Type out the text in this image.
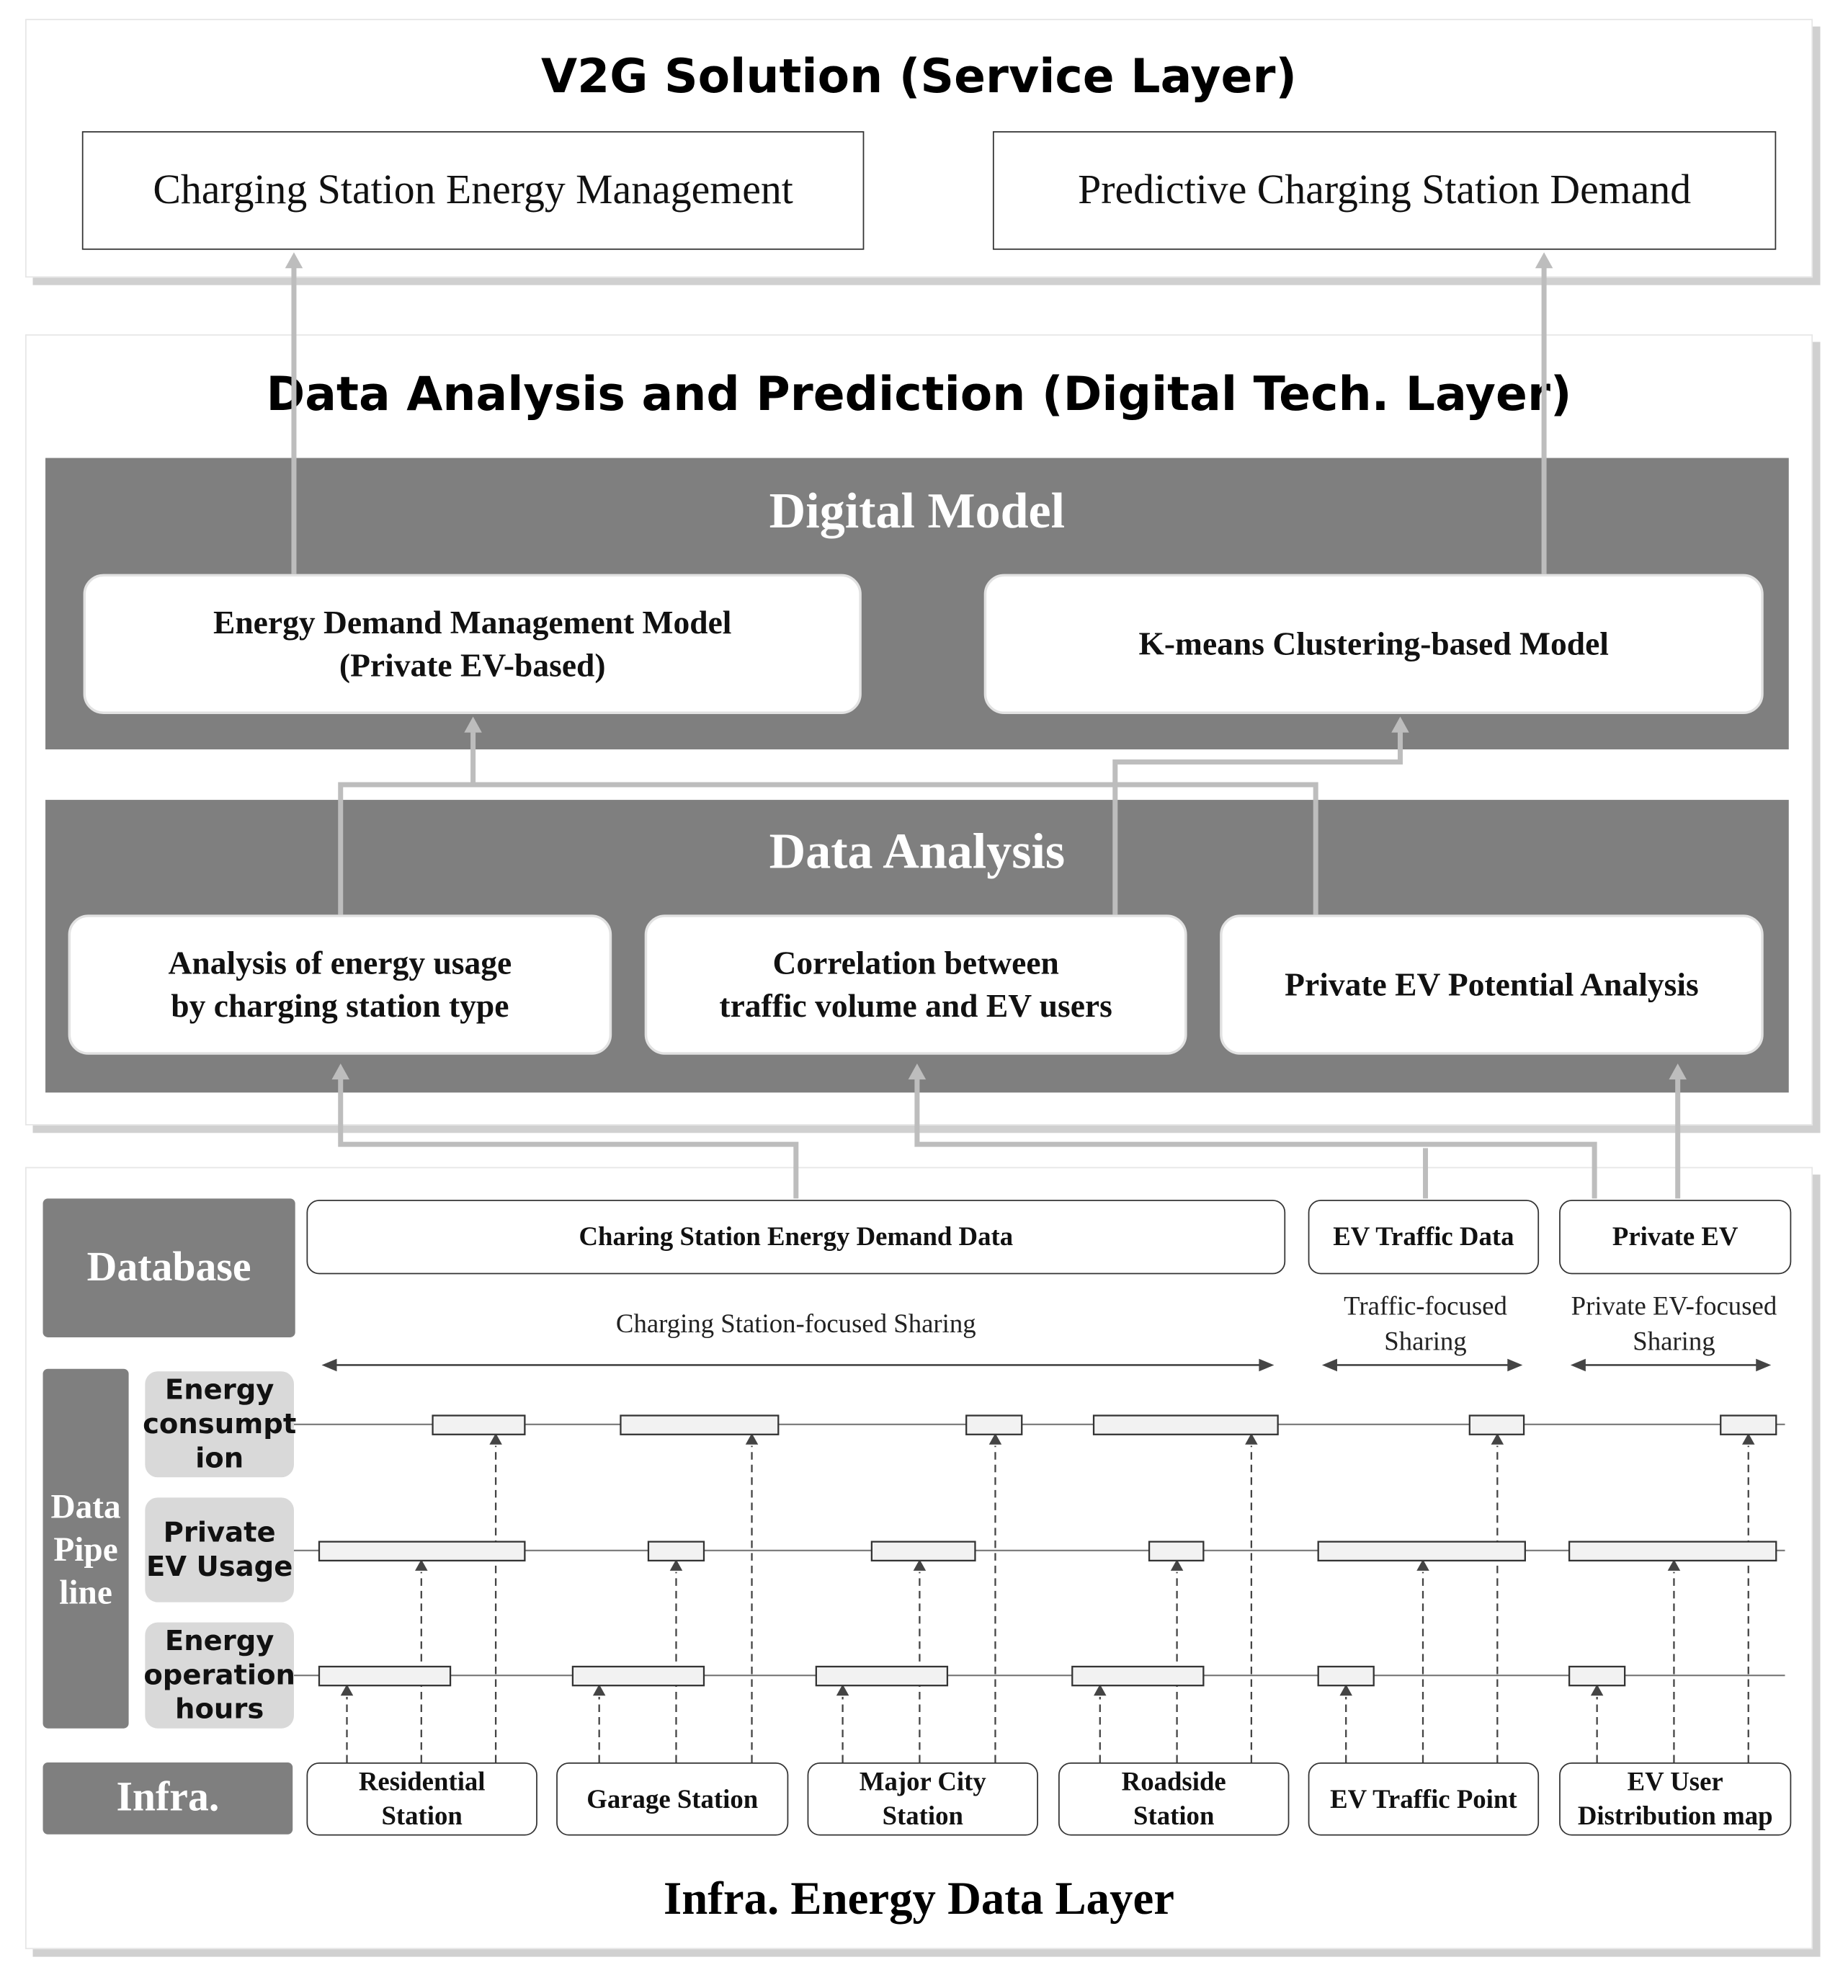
V2G Solution (Service Layer)
Charging Station Energy Management	Predictive Charging Station Demand
Data Analysis and Prediction (Digital Tech. Layer)
Digital Model
Energy Demand Management Model
(Private EV-based)
K-means Clustering-based Model
Data Analysis
Analysis of energy usage
by charging station type
Correlation between
traffic volume and EV users
Private EV Potential Analysis
Database
Charing Station Energy Demand Data	EV Traffic Data	Private EV
Charging Station-focused Sharing
Traffic-focused
Sharing
Private EV-focused
Sharing
Data
Pipe
line
Energy
consumpt
ion
Private
EV Usage
Energy
operation
hours
Infra.	Residential
Station
Garage Station
Major City
Station
Roadside
Station
EV Traffic Point
EV User
Distribution map
Infra. Energy Data Layer
